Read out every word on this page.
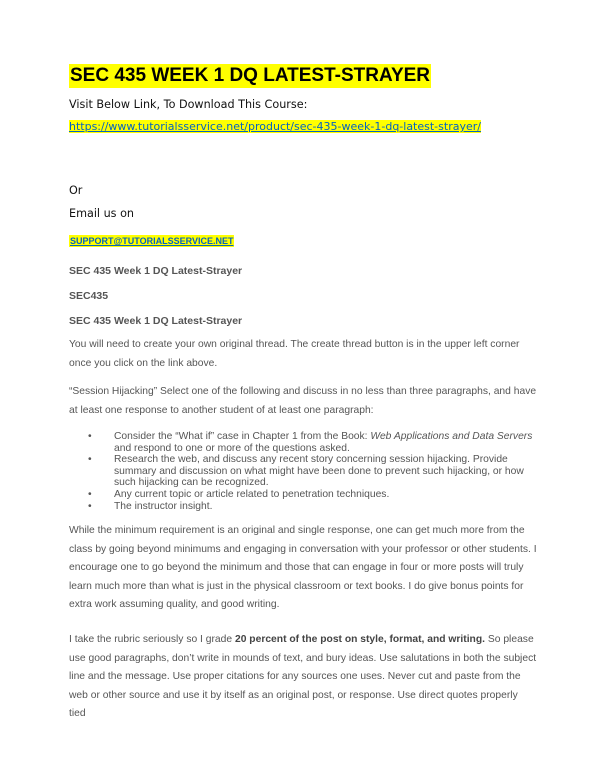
SEC 435 WEEK 1 DQ LATEST-STRAYER
Visit Below Link, To Download This Course:
https://www.tutorialsservice.net/product/sec-435-week-1-dq-latest-strayer/
Or
Email us on
SUPPORT@TUTORIALSSERVICE.NET

SEC 435 Week 1 DQ Latest-Strayer

SEC435

SEC 435 Week 1 DQ Latest-Strayer

You will need to create your own original thread. The create thread button is in the upper left corner once you click on the link above.

“Session Hijacking” Select one of the following and discuss in no less than three paragraphs, and have at least one response to another student of at least one paragraph:

• Consider the “What if” case in Chapter 1 from the Book: Web Applications and Data Servers and respond to one or more of the questions asked.
• Research the web, and discuss any recent story concerning session hijacking. Provide summary and discussion on what might have been done to prevent such hijacking, or how such hijacking can be recognized.
• Any current topic or article related to penetration techniques.
• The instructor insight.

While the minimum requirement is an original and single response, one can get much more from the class by going beyond minimums and engaging in conversation with your professor or other students. I encourage one to go beyond the minimum and those that can engage in four or more posts will truly learn much more than what is just in the physical classroom or text books. I do give bonus points for extra work assuming quality, and good writing.

I take the rubric seriously so I grade 20 percent of the post on style, format, and writing. So please use good paragraphs, don’t write in mounds of text, and bury ideas. Use salutations in both the subject line and the message. Use proper citations for any sources one uses. Never cut and paste from the web or other source and use it by itself as an original post, or response. Use direct quotes properly tied
